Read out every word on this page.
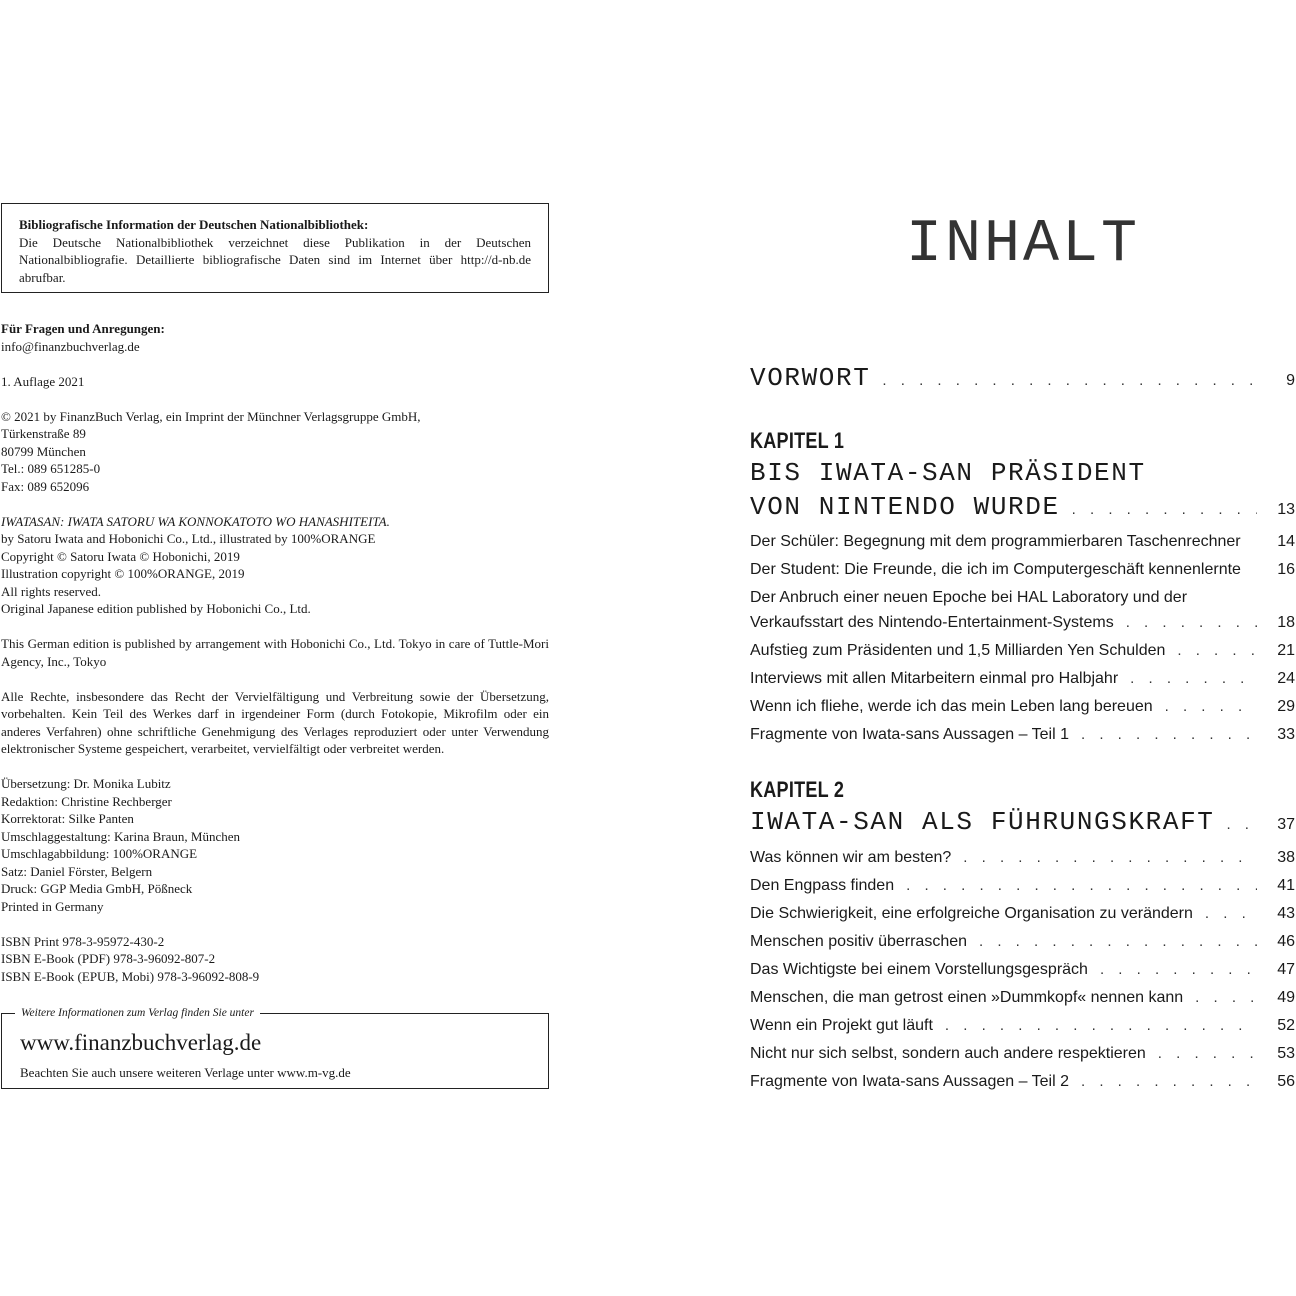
Bibliografische Information der Deutschen Nationalbibliothek:
Die Deutsche Nationalbibliothek verzeichnet diese Publikation in der Deutschen Nationalbibliografie. Detaillierte bibliografische Daten sind im Internet über http://d-nb.de abrufbar.
Für Fragen und Anregungen:
info@finanzbuchverlag.de
1. Auflage 2021
© 2021 by FinanzBuch Verlag, ein Imprint der Münchner Verlagsgruppe GmbH,
Türkenstraße 89
80799 München
Tel.: 089 651285-0
Fax: 089 652096
IWATASAN: IWATA SATORU WA KONNOKATOTO WO HANASHITEITA.
by Satoru Iwata and Hobonichi Co., Ltd., illustrated by 100%ORANGE
Copyright © Satoru Iwata © Hobonichi, 2019
Illustration copyright © 100%ORANGE, 2019
All rights reserved.
Original Japanese edition published by Hobonichi Co., Ltd.
This German edition is published by arrangement with Hobonichi Co., Ltd. Tokyo in care of Tuttle-Mori Agency, Inc., Tokyo
Alle Rechte, insbesondere das Recht der Vervielfältigung und Verbreitung sowie der Übersetzung, vorbehalten. Kein Teil des Werkes darf in irgendeiner Form (durch Fotokopie, Mikrofilm oder ein anderes Verfahren) ohne schriftliche Genehmigung des Verlages reproduziert oder unter Verwendung elektronischer Systeme gespeichert, verarbeitet, vervielfältigt oder verbreitet werden.
Übersetzung: Dr. Monika Lubitz
Redaktion: Christine Rechberger
Korrektorat: Silke Panten
Umschlaggestaltung: Karina Braun, München
Umschlagabbildung: 100%ORANGE
Satz: Daniel Förster, Belgern
Druck: GGP Media GmbH, Pößneck
Printed in Germany
ISBN Print 978-3-95972-430-2
ISBN E-Book (PDF) 978-3-96092-807-2
ISBN E-Book (EPUB, Mobi) 978-3-96092-808-9
Weitere Informationen zum Verlag finden Sie unter
www.finanzbuchverlag.de
Beachten Sie auch unsere weiteren Verlage unter www.m-vg.de
INHALT
VORWORT . . .	9
KAPITEL 1
BIS IWATA-SAN PRÄSIDENT
VON NINTENDO WURDE . . .	13
Der Schüler: Begegnung mit dem programmierbaren Taschenrechner	14
Der Student: Die Freunde, die ich im Computergeschäft kennenlernte	16
Der Anbruch einer neuen Epoche bei HAL Laboratory und der
Verkaufsstart des Nintendo-Entertainment-Systems . . .	18
Aufstieg zum Präsidenten und 1,5 Milliarden Yen Schulden . . .	21
Interviews mit allen Mitarbeitern einmal pro Halbjahr . . .	24
Wenn ich fliehe, werde ich das mein Leben lang bereuen . . .	29
Fragmente von Iwata-sans Aussagen – Teil 1 . . .	33
KAPITEL 2
IWATA-SAN ALS FÜHRUNGSKRAFT . . .	37
Was können wir am besten? . . .	38
Den Engpass finden . . .	41
Die Schwierigkeit, eine erfolgreiche Organisation zu verändern . . .	43
Menschen positiv überraschen . . .	46
Das Wichtigste bei einem Vorstellungsgespräch . . .	47
Menschen, die man getrost einen »Dummkopf« nennen kann . . .	49
Wenn ein Projekt gut läuft . . .	52
Nicht nur sich selbst, sondern auch andere respektieren . . .	53
Fragmente von Iwata-sans Aussagen – Teil 2 . . .	56
